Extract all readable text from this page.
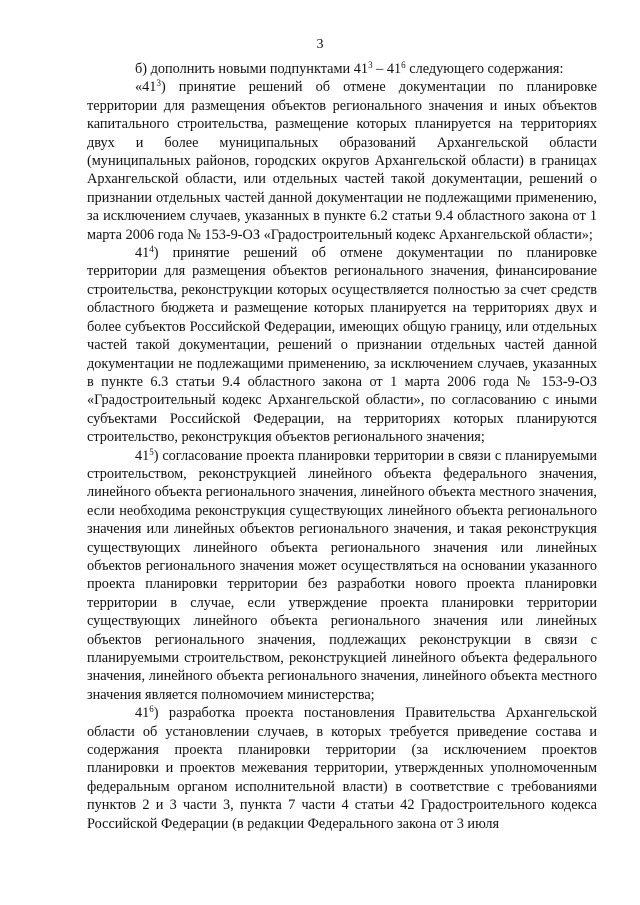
3

б) дополнить новыми подпунктами $41^3 - 41^6$ следующего содержания:

«$41^3$) принятие решений об отмене документации по планировке территории для размещения объектов регионального значения и иных объектов капитального строительства, размещение которых планируется на территориях двух и более муниципальных образований Архангельской области (муниципальных районов, городских округов Архангельской области) в границах Архангельской области, или отдельных частей такой документации, решений о признании отдельных частей данной документации не подлежащими применению, за исключением случаев, указанных в пункте 6.2 статьи 9.4 областного закона от 1 марта 2006 года № 153-9-ОЗ «Градостроительный кодекс Архангельской области»;

$41^4$) принятие решений об отмене документации по планировке территории для размещения объектов регионального значения, финансирование строительства, реконструкции которых осуществляется полностью за счет средств областного бюджета и размещение которых планируется на территориях двух и более субъектов Российской Федерации, имеющих общую границу, или отдельных частей такой документации, решений о признании отдельных частей данной документации не подлежащими применению, за исключением случаев, указанных в пункте 6.3 статьи 9.4 областного закона от 1 марта 2006 года № 153-9-ОЗ «Градостроительный кодекс Архангельской области», по согласованию с иными субъектами Российской Федерации, на территориях которых планируются строительство, реконструкция объектов регионального значения;

$41^5$) согласование проекта планировки территории в связи с планируемыми строительством, реконструкцией линейного объекта федерального значения, линейного объекта регионального значения, линейного объекта местного значения, если необходима реконструкция существующих линейного объекта регионального значения или линейных объектов регионального значения, и такая реконструкция существующих линейного объекта регионального значения или линейных объектов регионального значения может осуществляться на основании указанного проекта планировки территории без разработки нового проекта планировки территории в случае, если утверждение проекта планировки территории существующих линейного объекта регионального значения или линейных объектов регионального значения, подлежащих реконструкции в связи с планируемыми строительством, реконструкцией линейного объекта федерального значения, линейного объекта регионального значения, линейного объекта местного значения является полномочием министерства;

$41^6$) разработка проекта постановления Правительства Архангельской области об установлении случаев, в которых требуется приведение состава и содержания проекта планировки территории (за исключением проектов планировки и проектов межевания территории, утвержденных уполномоченным федеральным органом исполнительной власти) в соответствие с требованиями пунктов 2 и 3 части 3, пункта 7 части 4 статьи 42 Градостроительного кодекса Российской Федерации (в редакции Федерального закона от 3 июля
